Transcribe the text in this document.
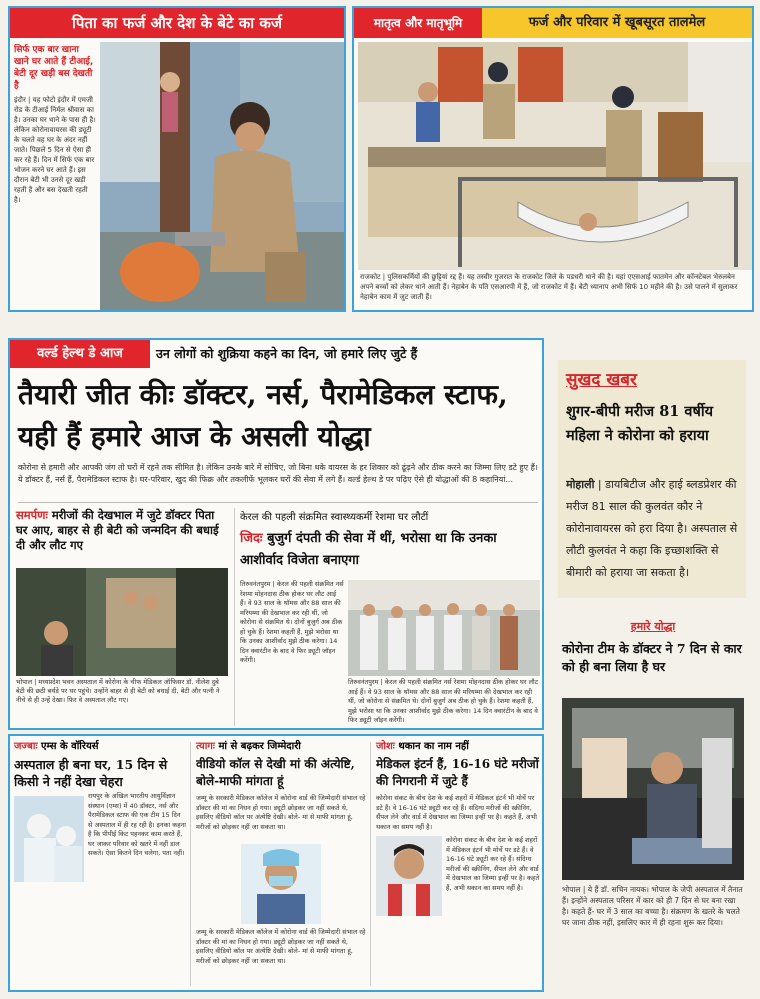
पिता का फर्ज और देश के बेटे का कर्ज
सिर्फ एक बार खाना खाने घर आते हैं टीआई, बेटी दूर खड़ी बस देखती है
इंदौर | यह फोटो इंदौर में एमजी रोड के टीआई निर्मल श्रीवास का है। उनका घर थाने के पास ही है। लेकिन कोरोनावायरस की ड्यूटी के चलते वह घर के अंदर नहीं जाते। पिछले 5 दिन से ऐसा ही कर रहे हैं। दिन में सिर्फ एक बार भोजन करने घर आते हैं। इस दौरान बेटी भी उनसे दूर खड़ी रहती है और बस देखती रहती है।
मातृत्व और मातृभूमि	फर्ज और परिवार में खूबसूरत तालमेल
राजकोट | पुलिसकर्मियों की छुट्टियां रद्द हैं। यह तस्वीर गुजरात के राजकोट जिले के पडधरी थाने की है। यहां एएसआई फातमेन और कॉन्स्टेबल भेरुलबेन अपने बच्चों को लेकर थाने आती हैं। नेहाबेन के पति एसआरपी में हैं, जो राजकोट में हैं। बेटी ध्यानाप अभी सिर्फ 10 महीने की है। उसे पालने में सुलाकर नेहाबेन काम में जुट जाती हैं।
वर्ल्ड हेल्थ डे आज	उन लोगों को शुक्रिया कहने का दिन, जो हमारे लिए जुटे हैं
तैयारी जीत कीः डॉक्टर, नर्स, पैरामेडिकल स्टाफ, यही हैं हमारे आज के असली योद्धा
कोरोना से हमारी और आपकी जंग तो घरों में रहने तक सीमित है। लेकिन उनके बारे में सोचिए, जो बिना थके वायरस के हर शिकार को ढूंढ़ने और ठीक करने का जिम्मा लिए डटे हुए हैं। ये डॉक्टर हैं, नर्स हैं, पैरामेडिकल स्टाफ है। घर-परिवार, खुद की फिक्र और तकलीफें भूलकर घरों की सेवा में लगे हैं। वर्ल्ड हेल्थ डे पर पढ़िए ऐसे ही योद्धाओं की 8 कहानियां...
समर्पणः मरीजों की देखभाल में जुटे डॉक्टर पिता घर आए, बाहर से ही बेटी को जन्मदिन की बधाई दी और लौट गए
भोपाल | मध्यप्रदेश भवन अस्पताल में कोरोना के चीफ मेडिकल ऑफिसर डॉ. नीलेश दुबे बेटी की छठी बर्थडे पर घर पहुंचे। उन्होंने बाहर से ही बेटी को बधाई दी, बेटी और पत्नी ने नीचे से ही उन्हें देखा। फिर वे अस्पताल लौट गए।
केरल की पहली संक्रमित स्वास्थ्यकर्मी रेशमा घर लौटीं
जिदः बुजुर्ग दंपती की सेवा में थीं, भरोसा था कि उनका आशीर्वाद विजेता बनाएगा
तिरुवनंतपुरम | केरल की पहली संक्रमित नर्स रेशमा मोहनदास ठीक होकर घर लौट आई हैं। वे 93 साल के थॉमस और 88 साल की मरियम्मा की देखभाल कर रही थीं, जो कोरोना से संक्रमित थे। दोनों बुजुर्ग अब ठीक हो चुके हैं। रेशमा कहती हैं, मुझे भरोसा था कि उनका आशीर्वाद मुझे ठीक करेगा। 14 दिन क्वारंटीन के बाद वे फिर ड्यूटी जॉइन करेंगी।
तिरुवनंतपुरम | केरल की पहली संक्रमित नर्स रेशमा मोहनदास ठीक होकर घर लौट आई हैं। वे 93 साल के थॉमस और 88 साल की मरियम्मा की देखभाल कर रही थीं, जो कोरोना से संक्रमित थे। दोनों बुजुर्ग अब ठीक हो चुके हैं। रेशमा कहती हैं, मुझे भरोसा था कि उनका आशीर्वाद मुझे ठीक करेगा। 14 दिन क्वारंटीन के बाद वे फिर ड्यूटी जॉइन करेंगी।
सुखद खबर
शुगर-बीपी मरीज 81 वर्षीय महिला ने कोरोना को हराया
मोहाली | डायबिटीज और हाई ब्लडप्रेशर की मरीज 81 साल की कुलवंत कौर ने कोरोनावायरस को हरा दिया है। अस्पताल से लौटी कुलवंत ने कहा कि इच्छाशक्ति से बीमारी को हराया जा सकता है।
हमारे योद्धा
कोरोना टीम के डॉक्टर ने 7 दिन से कार को ही बना लिया है घर
भोपाल | ये हैं डॉ. सचिन नायक। भोपाल के जेपी अस्पताल में तैनात हैं। इन्होंने अस्पताल परिसर में कार को ही 7 दिन से घर बना रखा है। कहते हैं- घर में 3 साल का बच्चा है। संक्रमण के खतरे के चलते घर जाना ठीक नहीं, इसलिए कार में ही रहना शुरू कर दिया।
जज्बाः एम्स के वॉरियर्स
अस्पताल ही बना घर, 15 दिन से किसी ने नहीं देखा चेहरा
रायपुर के अखिल भारतीय आयुर्विज्ञान संस्थान (एम्स) में 40 डॉक्टर, नर्स और पैरामेडिकल स्टाफ की एक टीम 15 दिन से अस्पताल में ही रह रही है। इनका कहना है कि पीपीई किट पहनकर काम करते हैं, घर जाकर परिवार को खतरे में नहीं डाल सकते। ऐसा कितने दिन चलेगा, पता नहीं।
त्यागः मां से बढ़कर जिम्मेदारी
वीडियो कॉल से देखी मां की अंत्येष्टि, बोले-माफी मांगता हूं
जम्मू के सरकारी मेडिकल कॉलेज में कोरोना वार्ड की जिम्मेदारी संभाल रहे डॉक्टर की मां का निधन हो गया। ड्यूटी छोड़कर जा नहीं सकते थे, इसलिए वीडियो कॉल पर अंत्येष्टि देखी। बोले- मां से माफी मांगता हूं, मरीजों को छोड़कर नहीं जा सकता था।
जम्मू के सरकारी मेडिकल कॉलेज में कोरोना वार्ड की जिम्मेदारी संभाल रहे डॉक्टर की मां का निधन हो गया। ड्यूटी छोड़कर जा नहीं सकते थे, इसलिए वीडियो कॉल पर अंत्येष्टि देखी। बोले- मां से माफी मांगता हूं, मरीजों को छोड़कर नहीं जा सकता था।
जोशः थकान का नाम नहीं
मेडिकल इंटर्न हैं, 16-16 घंटे मरीजों की निगरानी में जुटे हैं
कोरोना संकट के बीच देश के कई शहरों में मेडिकल इंटर्न भी मोर्चे पर डटे हैं। वे 16-16 घंटे ड्यूटी कर रहे हैं। संदिग्ध मरीजों की स्क्रीनिंग, सैंपल लेने और वार्ड में देखभाल का जिम्मा इन्हीं पर है। कहते हैं, अभी थकान का समय नहीं है।
कोरोना संकट के बीच देश के कई शहरों में मेडिकल इंटर्न भी मोर्चे पर डटे हैं। वे 16-16 घंटे ड्यूटी कर रहे हैं। संदिग्ध मरीजों की स्क्रीनिंग, सैंपल लेने और वार्ड में देखभाल का जिम्मा इन्हीं पर है। कहते हैं, अभी थकान का समय नहीं है।
